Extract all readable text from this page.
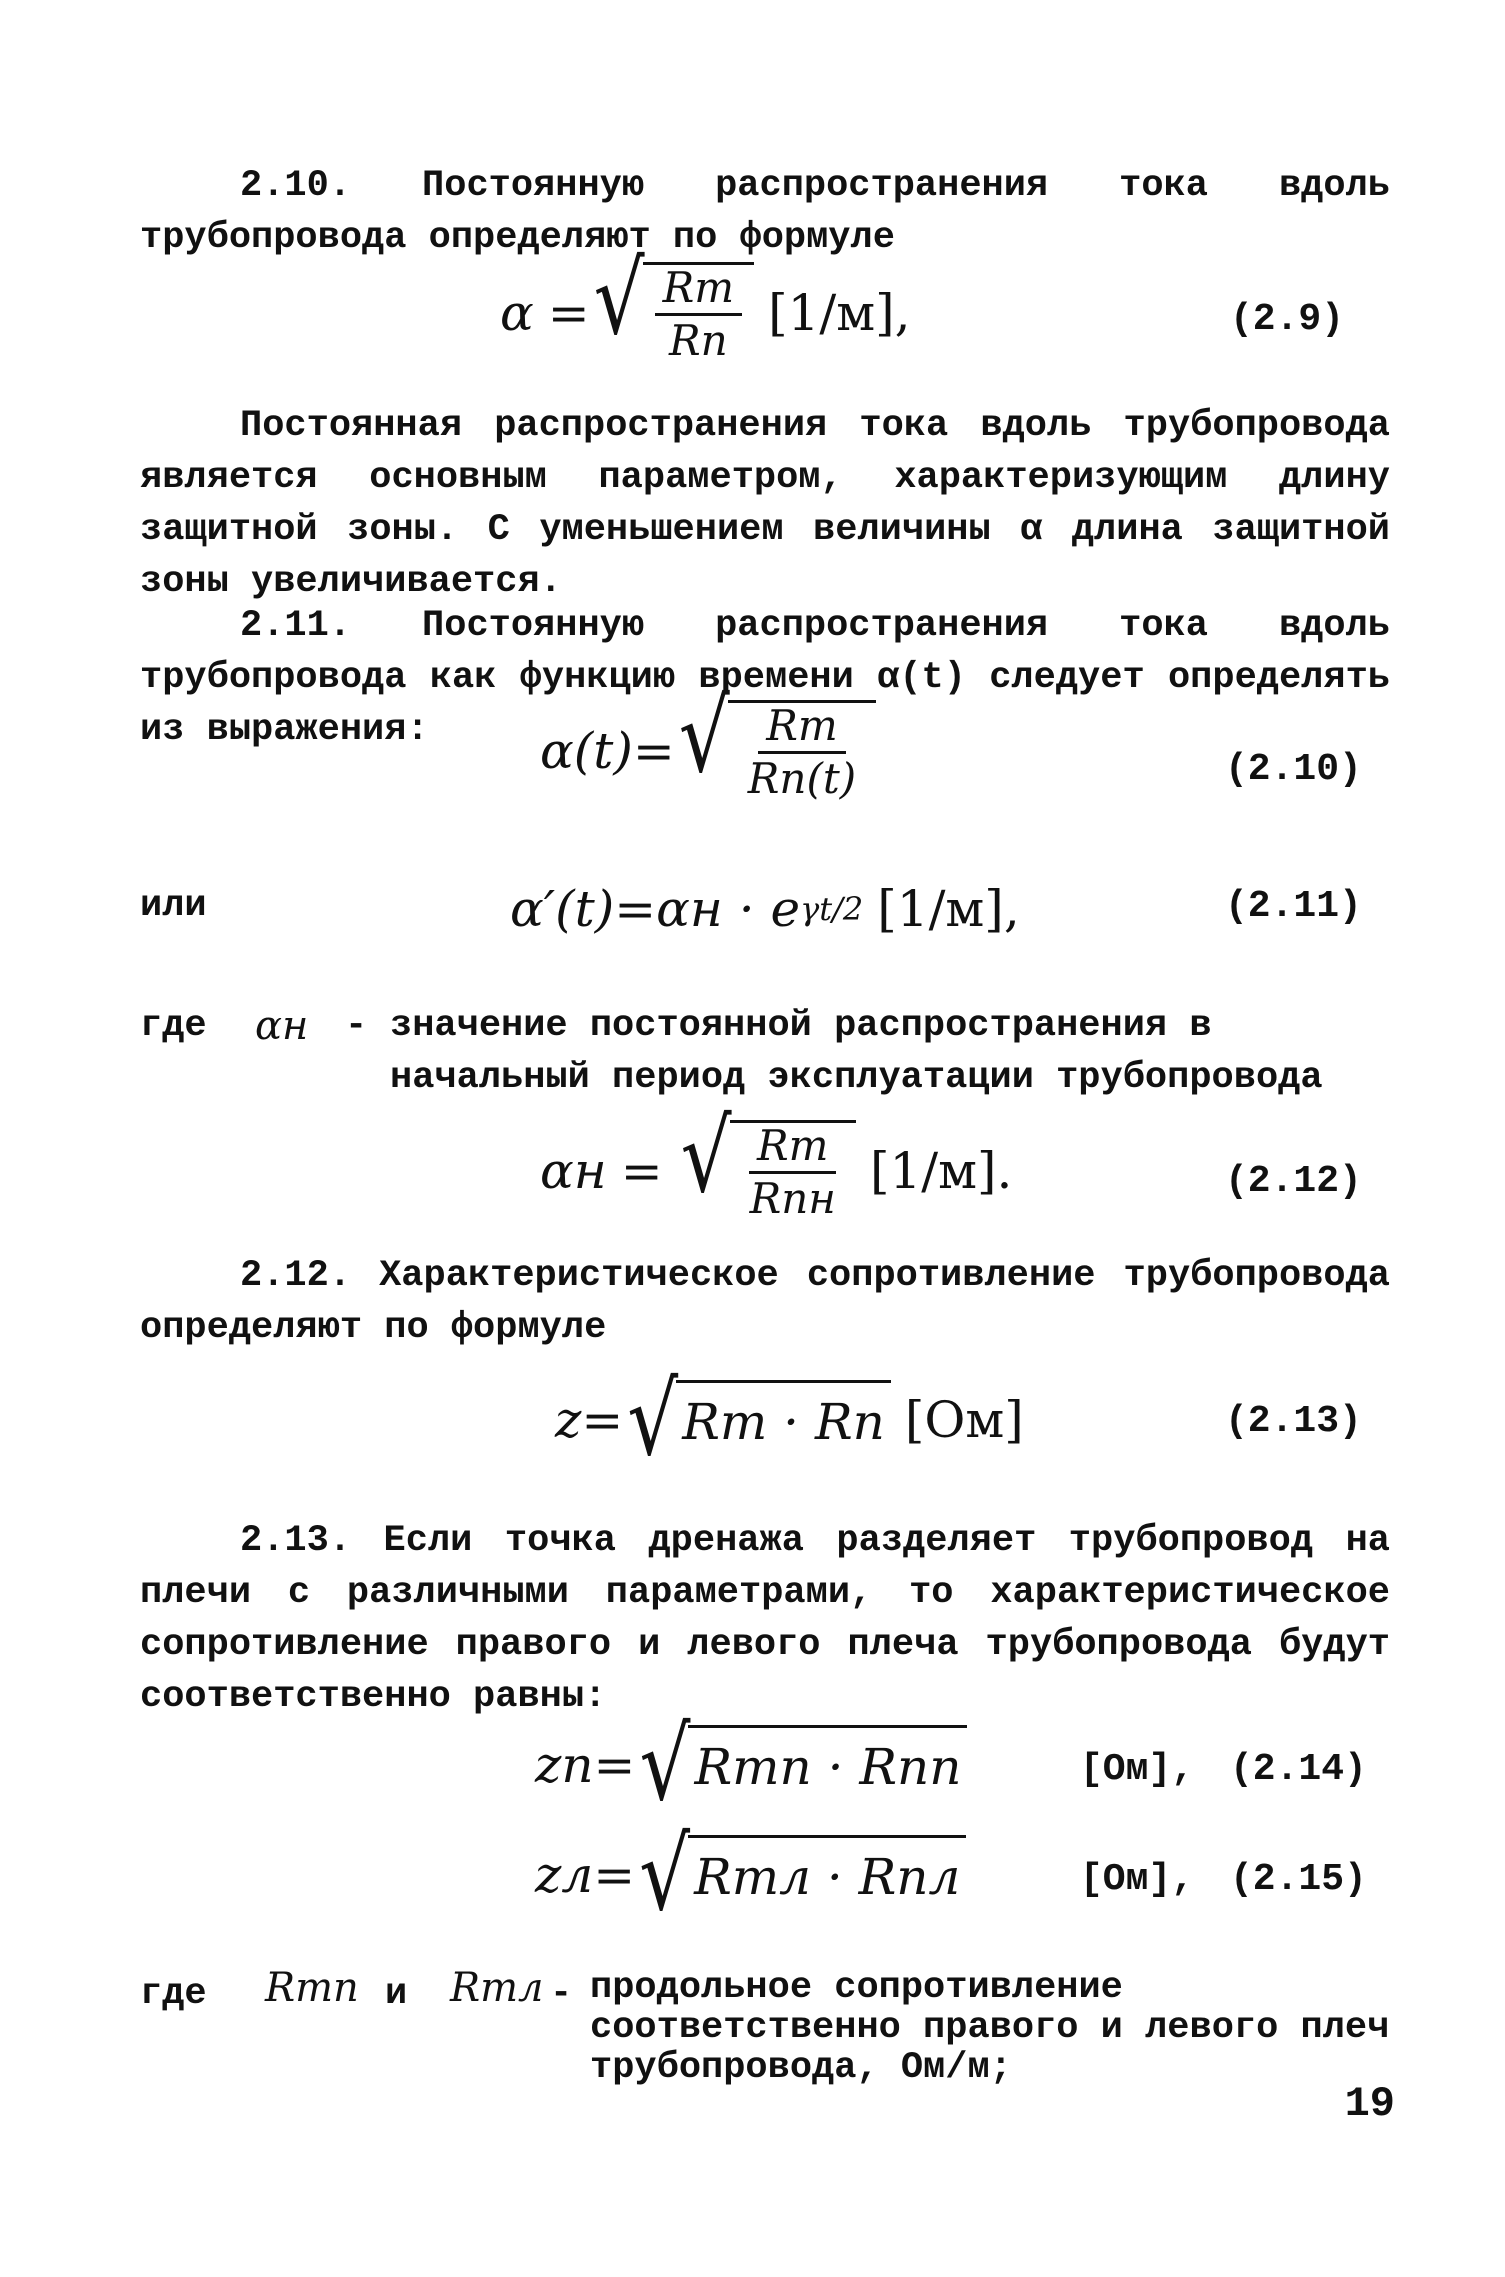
2.10. Постоянную распространения тока вдоль трубопровода определяют по формуле
α = √ $\frac{Rт}{Rп} [1/м]$,	(2.9)
Постоянная распространения тока вдоль трубопровода является основным параметром, характеризующим длину защитной зоны. С уменьшением величины α длина защитной зоны увеличивается.
2.11. Постоянную распространения тока вдоль трубопровода как функцию времени α(t) следует определять из выражения:	α(t) = √ $\frac{Rт}{Rп(t)}$	(2.10)
или	α′(t) = αн · e γt/2 [1/м],	(2.11)
где αн - значение постоянной распространения в начальный период эксплуатации трубопровода
αн = √ $\frac{Rт}{\text{Rпн}} [1/м]$.	(2.12)
2.12. Характеристическое сопротивление трубопровода определяют по формуле
z = √ Rт · Rп [Ом]	(2.13)
2.13. Если точка дренажа разделяет трубопровод на плечи с различными параметрами, то характеристическое сопротивление правого и левого плеча трубопровода будут соответственно равны:
zп = √ Rтп · Rпп	[Ом], (2.14)
zл = √ Rтл · Rпл	[Ом], (2.15)
где Rтп и Rтл - продольное сопротивление соответственно правого и левого плеч трубопровода, Ом/м;
19
